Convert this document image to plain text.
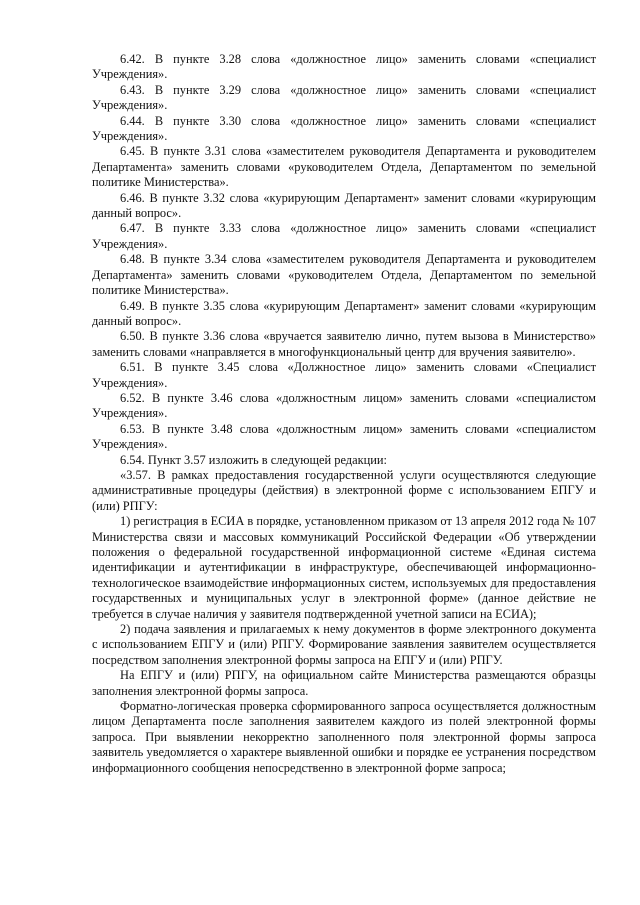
6.42. В пункте 3.28 слова «должностное лицо» заменить словами «специалист Учреждения».

6.43. В пункте 3.29 слова «должностное лицо» заменить словами «специалист Учреждения».

6.44. В пункте 3.30 слова «должностное лицо» заменить словами «специалист Учреждения».

6.45. В пункте 3.31 слова «заместителем руководителя Департамента и руководителем Департамента» заменить словами «руководителем Отдела, Департаментом по земельной политике Министерства».

6.46. В пункте 3.32 слова «курирующим Департамент» заменит словами «курирующим данный вопрос».

6.47. В пункте 3.33 слова «должностное лицо» заменить словами «специалист Учреждения».

6.48. В пункте 3.34 слова «заместителем руководителя Департамента и руководителем Департамента» заменить словами «руководителем Отдела, Департаментом по земельной политике Министерства».

6.49. В пункте 3.35 слова «курирующим Департамент» заменит словами «курирующим данный вопрос».

6.50. В пункте 3.36 слова «вручается заявителю лично, путем вызова в Министерство» заменить словами «направляется в многофункциональный центр для вручения заявителю».

6.51. В пункте 3.45 слова «Должностное лицо» заменить словами «Специалист Учреждения».

6.52. В пункте 3.46 слова «должностным лицом» заменить словами «специалистом Учреждения».

6.53. В пункте 3.48 слова «должностным лицом» заменить словами «специалистом Учреждения».

6.54. Пункт 3.57 изложить в следующей редакции:

«3.57. В рамках предоставления государственной услуги осуществляются следующие административные процедуры (действия) в электронной форме с использованием ЕПГУ и (или) РПГУ:

1) регистрация в ЕСИА в порядке, установленном приказом от 13 апреля 2012 года № 107 Министерства связи и массовых коммуникаций Российской Федерации «Об утверждении положения о федеральной государственной информационной системе «Единая система идентификации и аутентификации в инфраструктуре, обеспечивающей информационно-технологическое взаимодействие информационных систем, используемых для предоставления государственных и муниципальных услуг в электронной форме» (данное действие не требуется в случае наличия у заявителя подтвержденной учетной записи на ЕСИА);

2) подача заявления и прилагаемых к нему документов в форме электронного документа с использованием ЕПГУ и (или) РПГУ. Формирование заявления заявителем осуществляется посредством заполнения электронной формы запроса на ЕПГУ и (или) РПГУ.

На ЕПГУ и (или) РПГУ, на официальном сайте Министерства размещаются образцы заполнения электронной формы запроса.

Форматно-логическая проверка сформированного запроса осуществляется должностным лицом Департамента после заполнения заявителем каждого из полей электронной формы запроса. При выявлении некорректно заполненного поля электронной формы запроса заявитель уведомляется о характере выявленной ошибки и порядке ее устранения посредством информационного сообщения непосредственно в электронной форме запроса;
